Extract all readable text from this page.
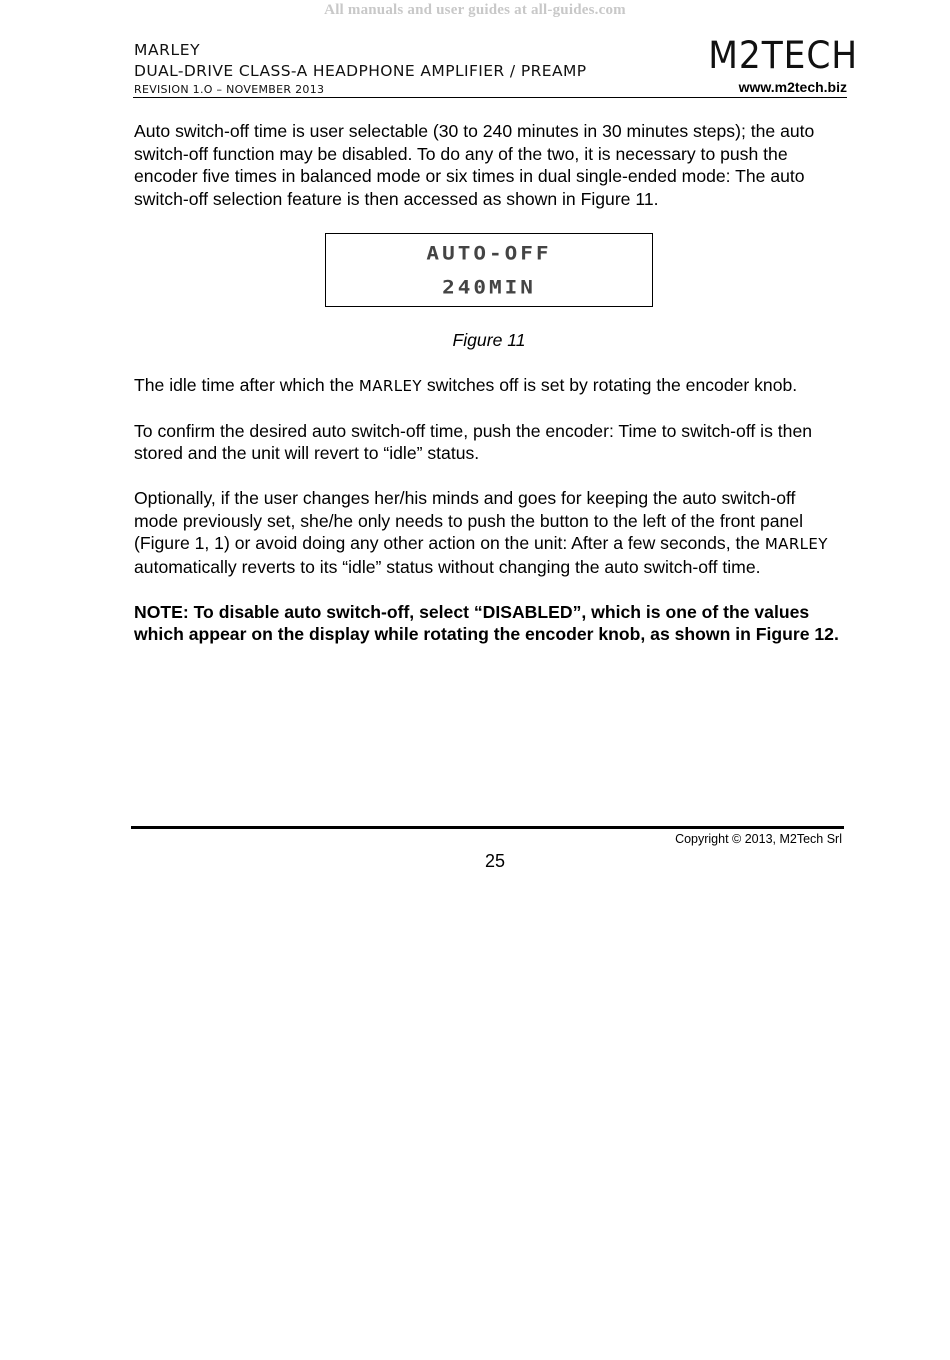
All manuals and user guides at all-guides.com
MARLEY
DUAL-DRIVE CLASS-A HEADPHONE AMPLIFIER / PREAMP
REVISION 1.O – NOVEMBER 2013
M2TECH
www.m2tech.biz

Auto switch-off time is user selectable (30 to 240 minutes in 30 minutes steps); the auto switch-off function may be disabled. To do any of the two, it is necessary to push the encoder five times in balanced mode or six times in dual single-ended mode: The auto switch-off selection feature is then accessed as shown in Figure 11.

AUTO-OFF
240MIN
Figure 11

The idle time after which the MARLEY switches off is set by rotating the encoder knob.

To confirm the desired auto switch-off time, push the encoder: Time to switch-off is then stored and the unit will revert to “idle” status.

Optionally, if the user changes her/his minds and goes for keeping the auto switch-off mode previously set, she/he only needs to push the button to the left of the front panel (Figure 1, 1) or avoid doing any other action on the unit: After a few seconds, the MARLEY automatically reverts to its “idle” status without changing the auto switch-off time.

NOTE: To disable auto switch-off, select “DISABLED”, which is one of the values which appear on the display while rotating the encoder knob, as shown in Figure 12.

Copyright © 2013, M2Tech Srl
25
